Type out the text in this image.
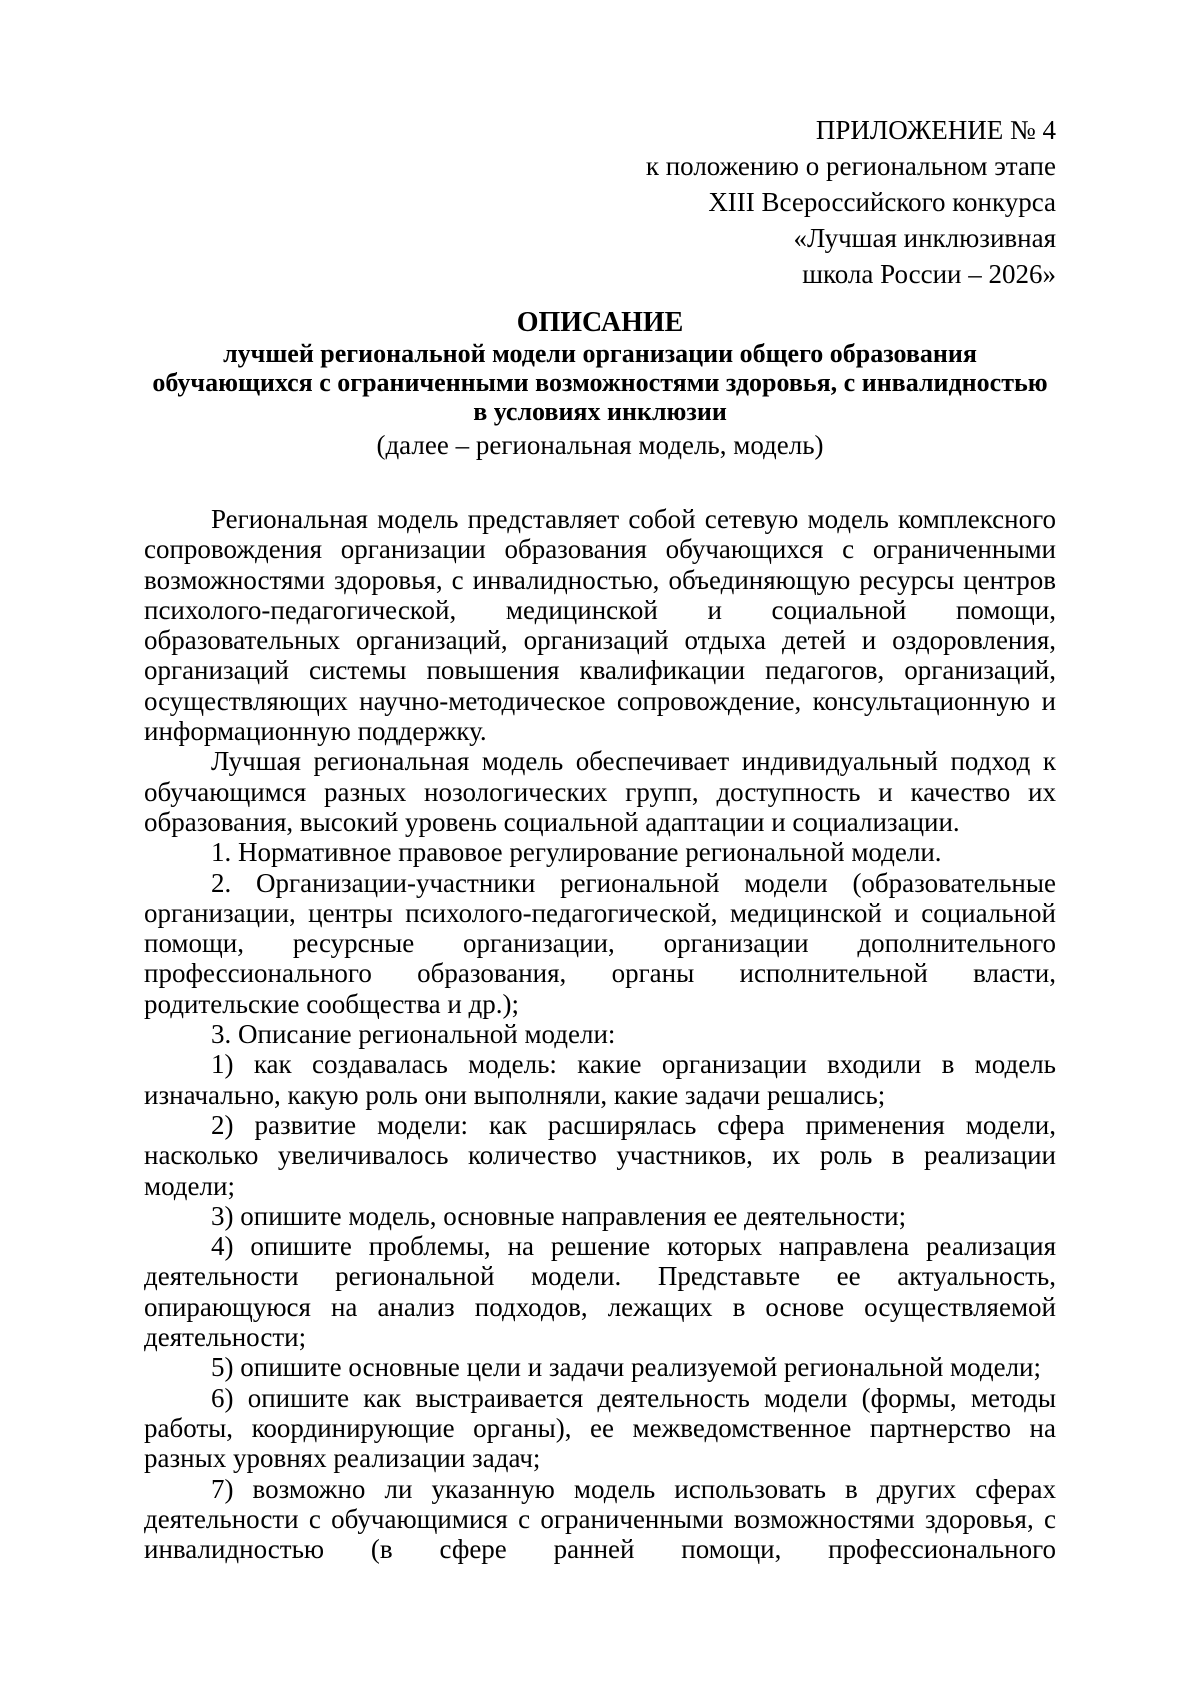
ПРИЛОЖЕНИЕ № 4
к положению о региональном этапе
XIII Всероссийского конкурса
«Лучшая инклюзивная
школа России – 2026»
ОПИСАНИЕ
лучшей региональной модели организации общего образования
обучающихся с ограниченными возможностями здоровья, с инвалидностью
в условиях инклюзии
(далее – региональная модель, модель)

Региональная модель представляет собой сетевую модель комплексного сопровождения организации образования обучающихся с ограниченными возможностями здоровья, с инвалидностью, объединяющую ресурсы центров психолого-педагогической, медицинской и социальной помощи, образовательных организаций, организаций отдыха детей и оздоровления, организаций системы повышения квалификации педагогов, организаций, осуществляющих научно-методическое сопровождение, консультационную и информационную поддержку.

Лучшая региональная модель обеспечивает индивидуальный подход к обучающимся разных нозологических групп, доступность и качество их образования, высокий уровень социальной адаптации и социализации.

1. Нормативное правовое регулирование региональной модели.

2. Организации-участники региональной модели (образовательные организации, центры психолого-педагогической, медицинской и социальной помощи, ресурсные организации, организации дополнительного профессионального образования, органы исполнительной власти, родительские сообщества и др.);

3. Описание региональной модели:

1) как создавалась модель: какие организации входили в модель изначально, какую роль они выполняли, какие задачи решались;

2) развитие модели: как расширялась сфера применения модели, насколько увеличивалось количество участников, их роль в реализации модели;

3) опишите модель, основные направления ее деятельности;

4) опишите проблемы, на решение которых направлена реализация деятельности региональной модели. Представьте ее актуальность, опирающуюся на анализ подходов, лежащих в основе осуществляемой деятельности;

5) опишите основные цели и задачи реализуемой региональной модели;

6) опишите как выстраивается деятельность модели (формы, методы работы, координирующие органы), ее межведомственное партнерство на разных уровнях реализации задач;

7) возможно ли указанную модель использовать в других сферах деятельности с обучающимися с ограниченными возможностями здоровья, с инвалидностью (в сфере ранней помощи, профессионального
